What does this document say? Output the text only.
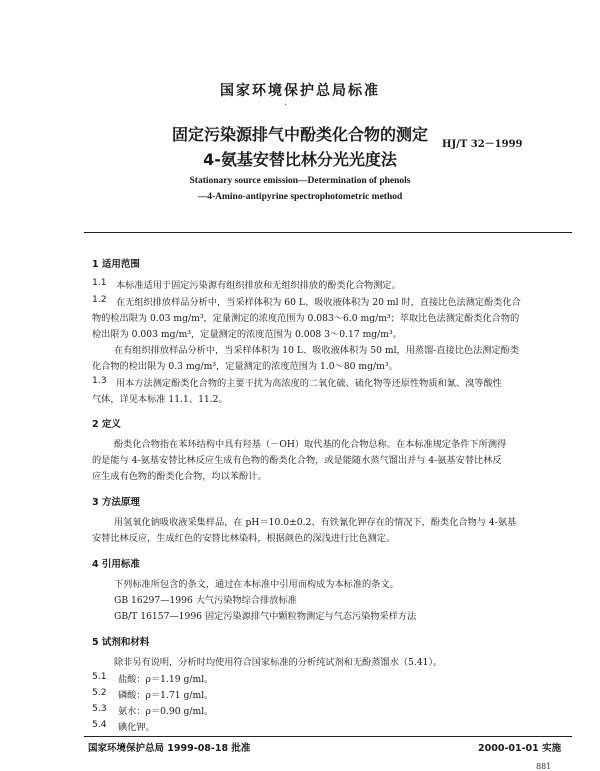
国家环境保护总局标准
·
固定污染源排气中酚类化合物的测定
4-氨基安替比林分光光度法
HJ/T 32－1999
Stationary source emission—Determination of phenols
—4-Amino-antipyrine spectrophotometric method
1 适用范围
1.1 本标准适用于固定污染源有组织排放和无组织排放的酚类化合物测定。
1.2 在无组织排放样品分析中，当采样体积为 60 L、吸收液体积为 20 ml 时，直接比色法测定酚类化合
物的检出限为 0.03 mg/m³，定量测定的浓度范围为 0.083～6.0 mg/m³；萃取比色法测定酚类化合物的
检出限为 0.003 mg/m³，定量测定的浓度范围为 0.008 3～0.17 mg/m³。
在有组织排放样品分析中，当采样体积为 10 L、吸收液体积为 50 ml，用蒸馏-直接比色法测定酚类
化合物的检出限为 0.3 mg/m³，定量测定的浓度范围为 1.0～80 mg/m³。
1.3 用本方法测定酚类化合物的主要干扰为高浓度的二氧化硫、硫化物等还原性物质和氰、溴等酸性
气体，详见本标准 11.1、11.2。
2 定义
酚类化合物指在苯环结构中具有羟基（－OH）取代基的化合物总称。在本标准规定条件下所测得
的是能与 4-氨基安替比林反应生成有色物的酚类化合物，或是能随水蒸气馏出并与 4-氨基安替比林反
应生成有色物的酚类化合物，均以苯酚计。
3 方法原理
用氢氧化钠吸收液采集样品，在 pH＝10.0±0.2、有铁氰化钾存在的情况下，酚类化合物与 4-氨基
安替比林反应，生成红色的安替比林染料，根据颜色的深浅进行比色测定。
4 引用标准
下列标准所包含的条文，通过在本标准中引用而构成为本标准的条文。
GB 16297—1996 大气污染物综合排放标准
GB/T 16157—1996 固定污染源排气中颗粒物测定与气态污染物采样方法
5 试剂和材料
除非另有说明，分析时均使用符合国家标准的分析纯试剂和无酚蒸馏水（5.41）。
5.1 盐酸：ρ＝1.19 g/ml。
5.2 磷酸：ρ＝1.71 g/ml。
5.3 氨水：ρ＝0.90 g/ml。
5.4 碘化钾。
国家环境保护总局 1999-08-18 批准	2000-01-01 实施
881
